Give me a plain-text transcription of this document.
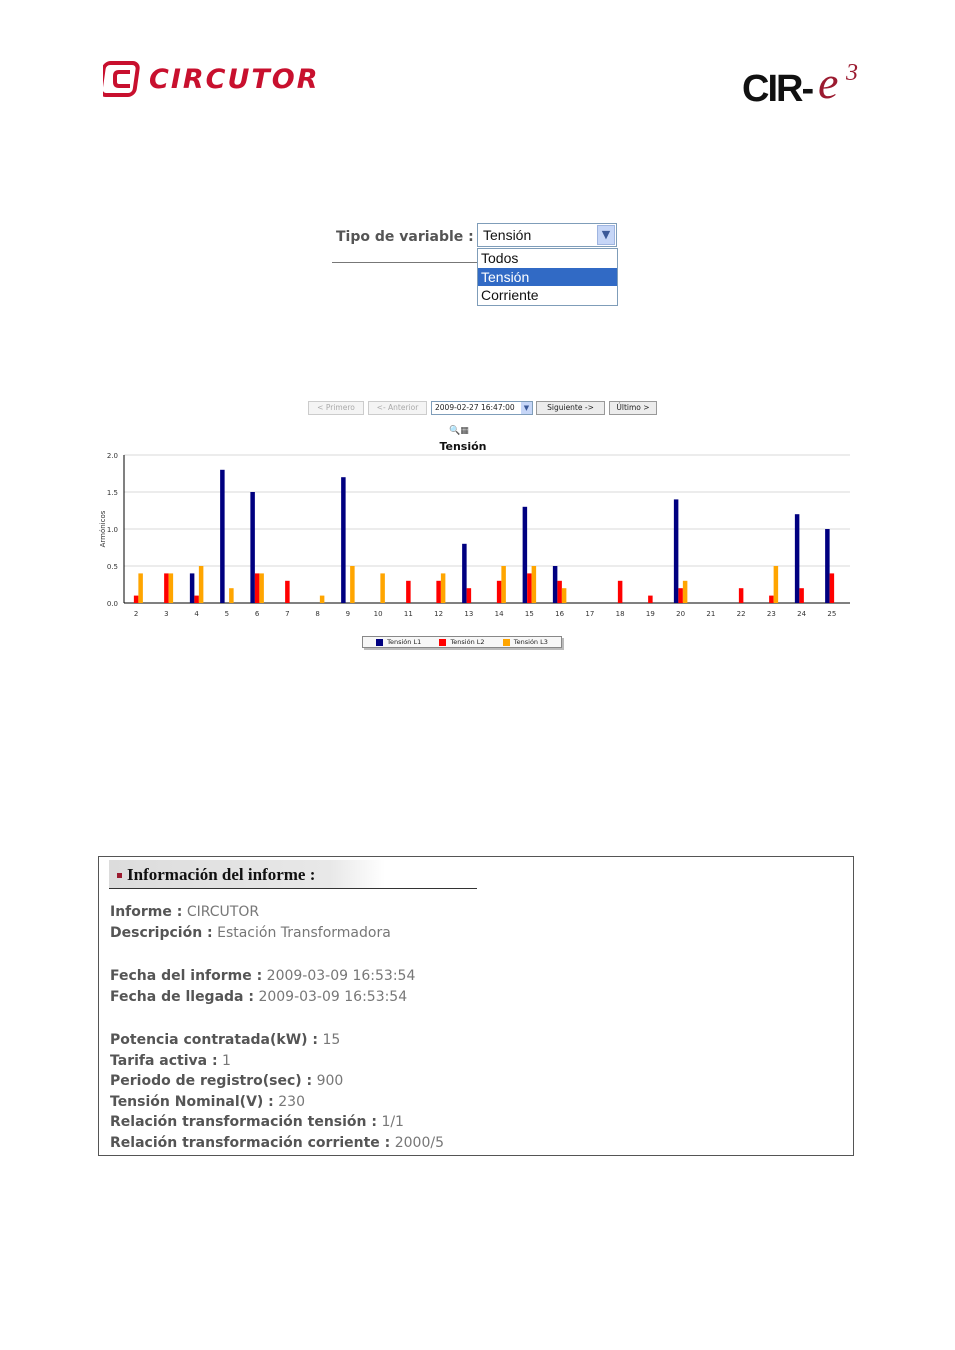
CIRCUTOR	CIR- e 3
Tipo de variable : Tensión	▼
Todos
Tensión
Corriente
< Primero	<- Anterior	2009-02-27 16:47:00	▼	Siguiente ->	Último >
🔍▦
Tensión
0.0
0.5
1.0
1.5
2.0
Armónicos
2	3	4	5	6	7	8	9	10	11	12	13	14	15	16	17	18	19	20	21	22	23	24	25
Tensión L1	Tensión L2	Tensión L3
Información del informe :
Informe : CIRCUTOR
Descripción : Estación Transformadora
Fecha del informe : 2009-03-09 16:53:54
Fecha de llegada : 2009-03-09 16:53:54
Potencia contratada(kW) : 15
Tarifa activa : 1
Periodo de registro(sec) : 900
Tensión Nominal(V) : 230
Relación transformación tensión : 1/1
Relación transformación corriente : 2000/5
